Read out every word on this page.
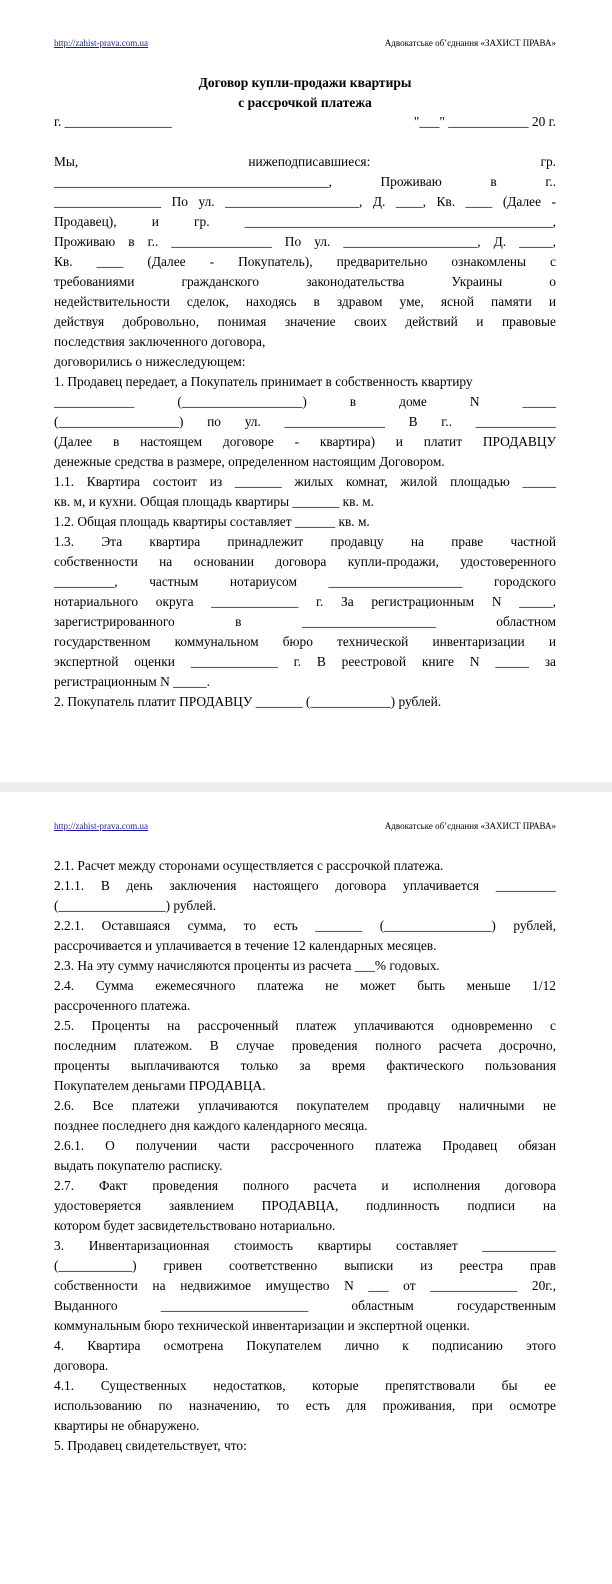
http://zahist-prava.com.ua	Адвокатське об’єднання «ЗАХИСТ ПРАВА»
Договор купли-продажи квартиры
с рассрочкой платежа
г. ________________	"___" ____________ 20 г.

Мы, нижеподписавшиеся: гр.

_________________________________________, Проживаю в г..

________________ По ул. ____________________, Д. ____, Кв. ____ (Далее -

Продавец), и гр. ______________________________________________,

Проживаю в г.. _______________ По ул. ____________________, Д. _____,

Кв. ____ (Далее - Покупатель), предварительно ознакомлены с

требованиями гражданского законодательства Украины о

недействительности сделок, находясь в здравом уме, ясной памяти и

действуя добровольно, понимая значение своих действий и правовые

последствия заключенного договора,

договорились о нижеследующем:

1. Продавец передает, а Покупатель принимает в собственность квартиру

____________ (__________________) в доме N _____

(__________________) по ул. _______________ В г.. ____________

(Далее в настоящем договоре - квартира) и платит ПРОДАВЦУ

денежные средства в размере, определенном настоящим Договором.

1.1. Квартира состоит из _______ жилых комнат, жилой площадью _____

кв. м, и кухни. Общая площадь квартиры _______ кв. м.

1.2. Общая площадь квартиры составляет ______ кв. м.

1.3. Эта квартира принадлежит продавцу на праве частной

собственности на основании договора купли-продажи, удостоверенного

_________, частным нотариусом ____________________ городского

нотариального округа _____________ г. За регистрационным N _____,

зарегистрированного в ____________________ областном

государственном коммунальном бюро технической инвентаризации и

экспертной оценки _____________ г. В реестровой книге N _____ за

регистрационным N _____.

2. Покупатель платит ПРОДАВЦУ _______ (____________) рублей.

http://zahist-prava.com.ua	Адвокатське об’єднання «ЗАХИСТ ПРАВА»

2.1. Расчет между сторонами осуществляется с рассрочкой платежа.

2.1.1. В день заключения настоящего договора уплачивается _________

(________________) рублей.

2.2.1. Оставшаяся сумма, то есть _______ (________________) рублей,

рассрочивается и уплачивается в течение 12 календарных месяцев.

2.3. На эту сумму начисляются проценты из расчета ___% годовых.

2.4. Сумма ежемесячного платежа не может быть меньше 1/12

рассроченного платежа.

2.5. Проценты на рассроченный платеж уплачиваются одновременно с

последним платежом. В случае проведения полного расчета досрочно,

проценты выплачиваются только за время фактического пользования

Покупателем деньгами ПРОДАВЦА.

2.6. Все платежи уплачиваются покупателем продавцу наличными не

позднее последнего дня каждого календарного месяца.

2.6.1. О получении части рассроченного платежа Продавец обязан

выдать покупателю расписку.

2.7. Факт проведения полного расчета и исполнения договора

удостоверяется заявлением ПРОДАВЦА, подлинность подписи на

котором будет засвидетельствовано нотариально.

3. Инвентаризационная стоимость квартиры составляет ___________

(___________) гривен соответственно выписки из реестра прав

собственности на недвижимое имущество N ___ от _____________ 20г.,

Выданного ______________________ областным государственным

коммунальным бюро технической инвентаризации и экспертной оценки.

4. Квартира осмотрена Покупателем лично к подписанию этого

договора.

4.1. Существенных недостатков, которые препятствовали бы ее

использованию по назначению, то есть для проживания, при осмотре

квартиры не обнаружено.

5. Продавец свидетельствует, что:
